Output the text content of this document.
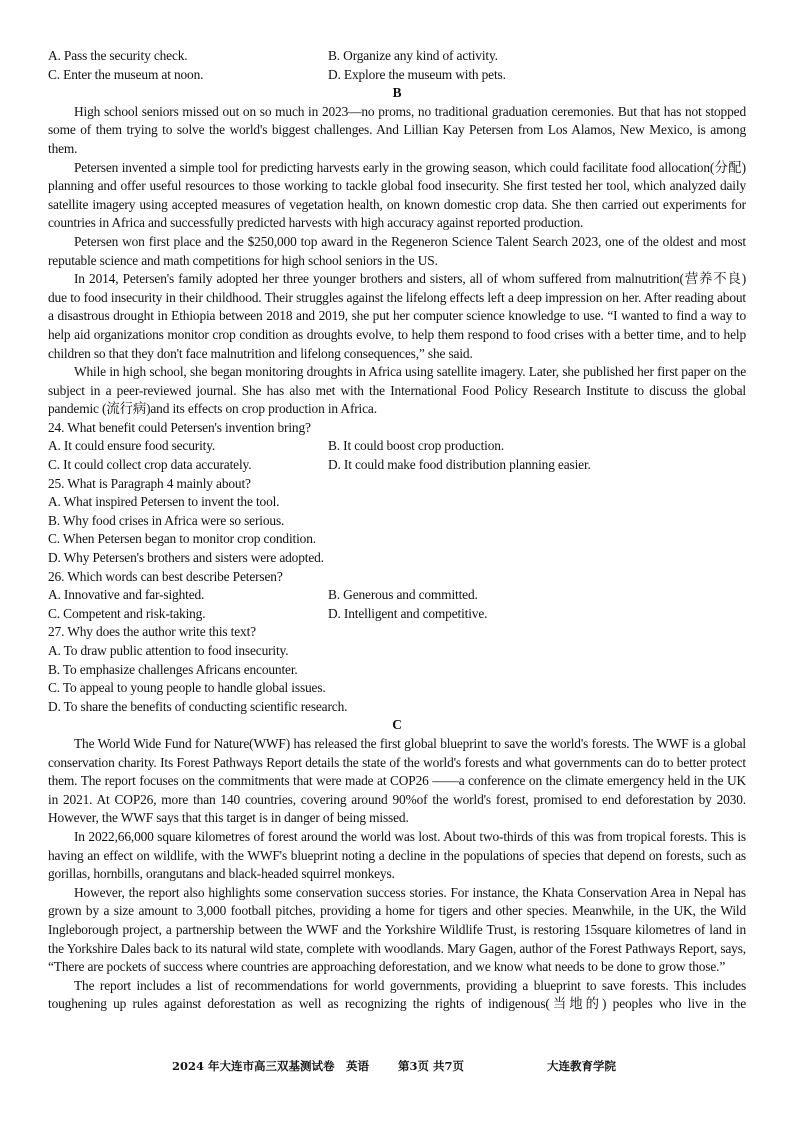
A. Pass the security check.	B. Organize any kind of activity.
C. Enter the museum at noon.	D. Explore the museum with pets.
B
High school seniors missed out on so much in 2023—no proms, no traditional graduation ceremonies. But that has not stopped some of them trying to solve the world's biggest challenges. And Lillian Kay Petersen from Los Alamos, New Mexico, is among them.
Petersen invented a simple tool for predicting harvests early in the growing season, which could facilitate food allocation(分配) planning and offer useful resources to those working to tackle global food insecurity. She first tested her tool, which analyzed daily satellite imagery using accepted measures of vegetation health, on known domestic crop data. She then carried out experiments for countries in Africa and successfully predicted harvests with high accuracy against reported production.
Petersen won first place and the $250,000 top award in the Regeneron Science Talent Search 2023, one of the oldest and most reputable science and math competitions for high school seniors in the US.
In 2014, Petersen's family adopted her three younger brothers and sisters, all of whom suffered from malnutrition(营养不良) due to food insecurity in their childhood. Their struggles against the lifelong effects left a deep impression on her. After reading about a disastrous drought in Ethiopia between 2018 and 2019, she put her computer science knowledge to use. “I wanted to find a way to help aid organizations monitor crop condition as droughts evolve, to help them respond to food crises with a better time, and to help children so that they don't face malnutrition and lifelong consequences,” she said.
While in high school, she began monitoring droughts in Africa using satellite imagery. Later, she published her first paper on the subject in a peer-reviewed journal. She has also met with the International Food Policy Research Institute to discuss the global pandemic (流行病)and its effects on crop production in Africa.
24. What benefit could Petersen's invention bring?
A. It could ensure food security.	B. It could boost crop production.
C. It could collect crop data accurately.	D. It could make food distribution planning easier.
25. What is Paragraph 4 mainly about?
A. What inspired Petersen to invent the tool.
B. Why food crises in Africa were so serious.
C. When Petersen began to monitor crop condition.
D. Why Petersen's brothers and sisters were adopted.
26. Which words can best describe Petersen?
A. Innovative and far-sighted.	B. Generous and committed.
C. Competent and risk-taking.	D. Intelligent and competitive.
27. Why does the author write this text?
A. To draw public attention to food insecurity.
B. To emphasize challenges Africans encounter.
C. To appeal to young people to handle global issues.
D. To share the benefits of conducting scientific research.
C
The World Wide Fund for Nature(WWF) has released the first global blueprint to save the world's forests. The WWF is a global conservation charity. Its Forest Pathways Report details the state of the world's forests and what governments can do to better protect them. The report focuses on the commitments that were made at COP26 ——a conference on the climate emergency held in the UK in 2021. At COP26, more than 140 countries, covering around 90%of the world's forest, promised to end deforestation by 2030. However, the WWF says that this target is in danger of being missed.
In 2022,66,000 square kilometres of forest around the world was lost. About two-thirds of this was from tropical forests. This is having an effect on wildlife, with the WWF's blueprint noting a decline in the populations of species that depend on forests, such as gorillas, hornbills, orangutans and black-headed squirrel monkeys.
However, the report also highlights some conservation success stories. For instance, the Khata Conservation Area in Nepal has grown by a size amount to 3,000 football pitches, providing a home for tigers and other species. Meanwhile, in the UK, the Wild Ingleborough project, a partnership between the WWF and the Yorkshire Wildlife Trust, is restoring 15square kilometres of land in the Yorkshire Dales back to its natural wild state, complete with woodlands. Mary Gagen, author of the Forest Pathways Report, says, “There are pockets of success where countries are approaching deforestation, and we know what needs to be done to grow those.”
The report includes a list of recommendations for world governments, providing a blueprint to save forests. This includes toughening up rules against deforestation as well as recognizing the rights of indigenous(当地的) peoples who live in the
2024 年大连市高三双基测试卷 英语	第3页 共7页	大连教育学院
